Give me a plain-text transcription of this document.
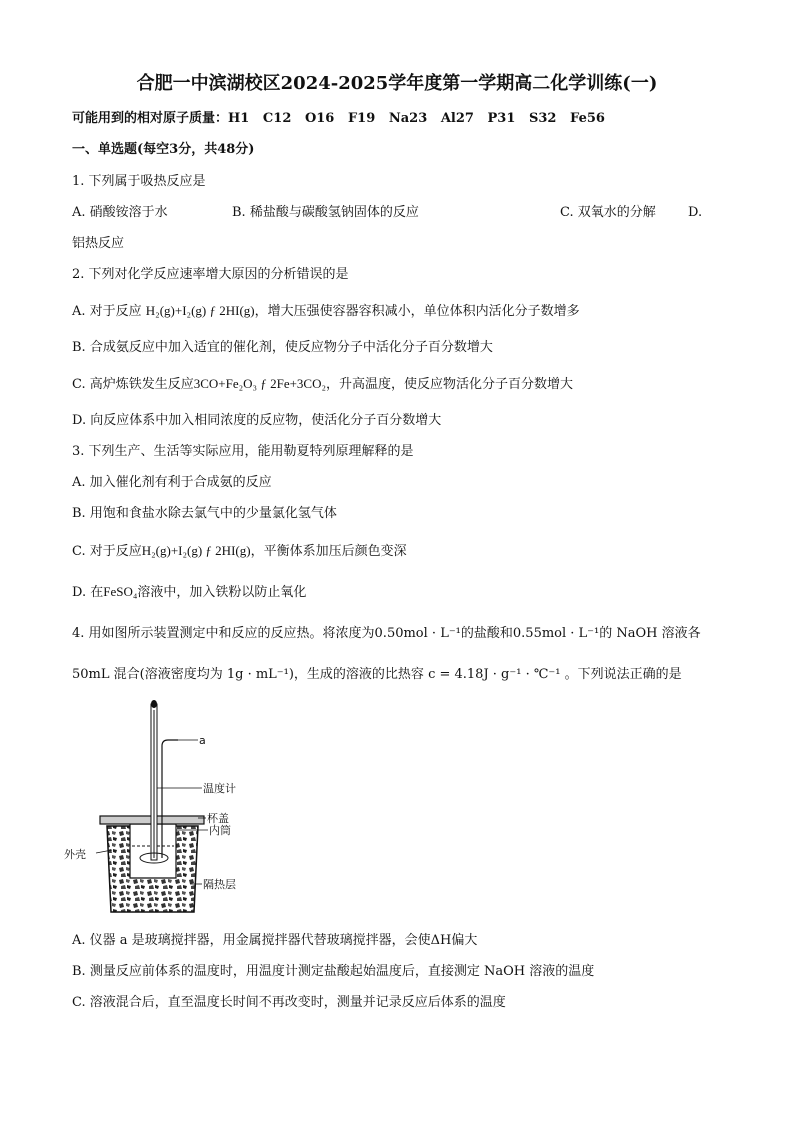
合肥一中滨湖校区2024-2025学年度第一学期高二化学训练(一)
可能用到的相对原子质量：H1 C12 O16 F19 Na23 Al27 P31 S32 Fe56
一、单选题(每空3分，共48分)
1. 下列属于吸热反应是
A. 硝酸铵溶于水	B. 稀盐酸与碳酸氢钠固体的反应	C. 双氧水的分解 D.
铝热反应
2. 下列对化学反应速率增大原因的分析错误的是
A. 对于反应 H₂(g)+I₂(g) ƒ 2HI(g)，增大压强使容器容积减小，单位体积内活化分子数增多
B. 合成氨反应中加入适宜的催化剂，使反应物分子中活化分子百分数增大
C. 高炉炼铁发生反应3CO+Fe₂O₃ ƒ 2Fe+3CO₂，升高温度，使反应物活化分子百分数增大
D. 向反应体系中加入相同浓度的反应物，使活化分子百分数增大
3. 下列生产、生活等实际应用，能用勒夏特列原理解释的是
A. 加入催化剂有利于合成氨的反应
B. 用饱和食盐水除去氯气中的少量氯化氢气体
C. 对于反应H₂(g)+I₂(g) ƒ 2HI(g)，平衡体系加压后颜色变深
D. 在FeSO₄溶液中，加入铁粉以防止氧化
4. 用如图所示装置测定中和反应的反应热。将浓度为0.50mol · L⁻¹的盐酸和0.55mol · L⁻¹的 NaOH 溶液各
50mL 混合(溶液密度均为 1g · mL⁻¹)，生成的溶液的比热容 c = 4.18J · g⁻¹ · ℃⁻¹ 。下列说法正确的是
a
温度计
杯盖
内筒
外壳
隔热层
A. 仪器 a 是玻璃搅拌器，用金属搅拌器代替玻璃搅拌器，会使ΔH偏大
B. 测量反应前体系的温度时，用温度计测定盐酸起始温度后，直接测定 NaOH 溶液的温度
C. 溶液混合后，直至温度长时间不再改变时，测量并记录反应后体系的温度
